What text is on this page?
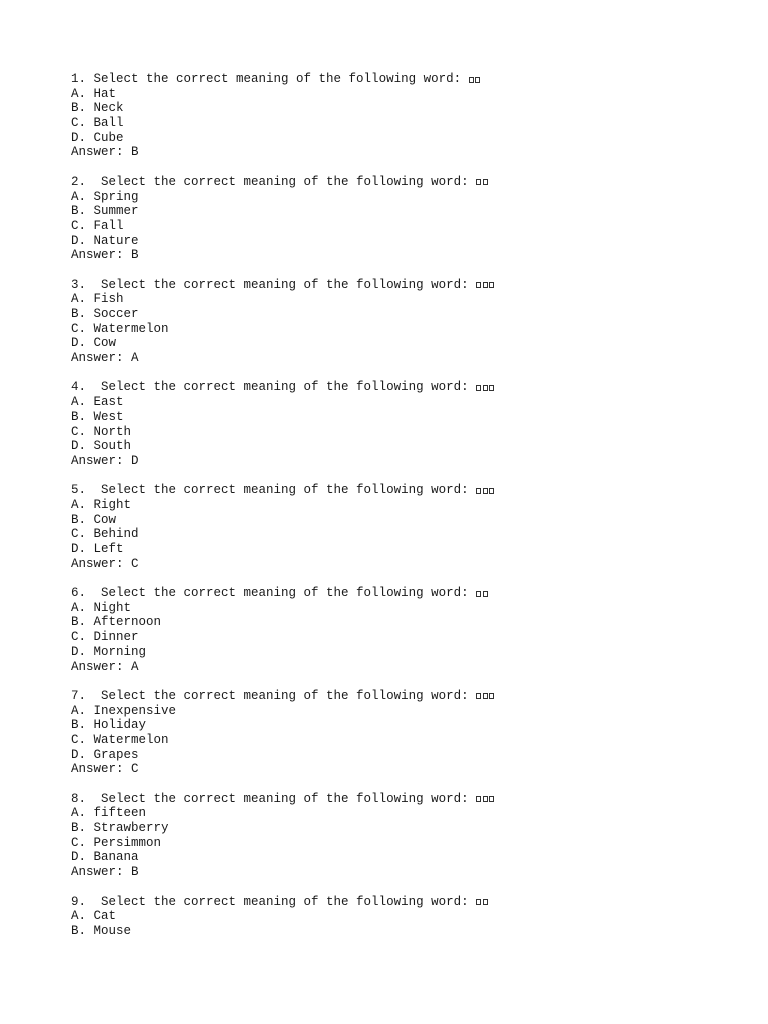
1. Select the correct meaning of the following word:
A. Hat
B. Neck
C. Ball
D. Cube
Answer: B
2.  Select the correct meaning of the following word:
A. Spring
B. Summer
C. Fall
D. Nature
Answer: B
3.  Select the correct meaning of the following word:
A. Fish
B. Soccer
C. Watermelon
D. Cow
Answer: A
4.  Select the correct meaning of the following word:
A. East
B. West
C. North
D. South
Answer: D
5.  Select the correct meaning of the following word:
A. Right
B. Cow
C. Behind
D. Left
Answer: C
6.  Select the correct meaning of the following word:
A. Night
B. Afternoon
C. Dinner
D. Morning
Answer: A
7.  Select the correct meaning of the following word:
A. Inexpensive
B. Holiday
C. Watermelon
D. Grapes
Answer: C
8.  Select the correct meaning of the following word:
A. fifteen
B. Strawberry
C. Persimmon
D. Banana
Answer: B
9.  Select the correct meaning of the following word:
A. Cat
B. Mouse
